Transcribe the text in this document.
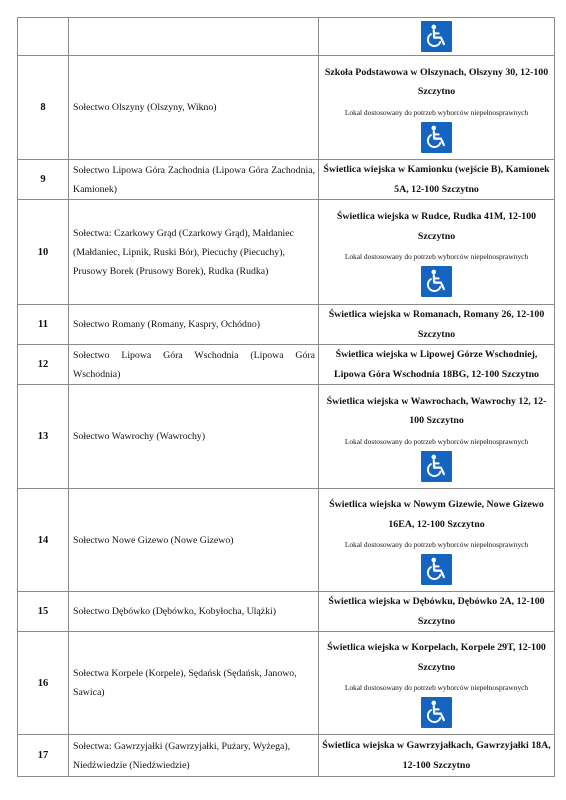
8	Sołectwo Olszyny (Olszyny, Wikno)	Szkoła Podstawowa w Olszynach, Olszyny 30, 12-100 Szczytno
Lokal dostosowany do potrzeb wyborców niepełnosprawnych

9	Sołectwo Lipowa Góra Zachodnia (Lipowa Góra Zachodnia, Kamionek)	Świetlica wiejska w Kamionku (wejście B), Kamionek 5A, 12-100 Szczytno

10	Sołectwa: Czarkowy Grąd (Czarkowy Grąd), Małdaniec (Małdaniec, Lipnik, Ruski Bór), Piecuchy (Piecuchy), Prusowy Borek (Prusowy Borek), Rudka (Rudka)	Świetlica wiejska w Rudce, Rudka 41M, 12-100 Szczytno
Lokal dostosowany do potrzeb wyborców niepełnosprawnych

11	Sołectwo Romany (Romany, Kaspry, Ochódno)	Świetlica wiejska w Romanach, Romany 26, 12-100 Szczytno

12	Sołectwo Lipowa Góra Wschodnia (Lipowa Góra Wschodnia)	Świetlica wiejska w Lipowej Górze Wschodniej, Lipowa Góra Wschodnia 18BG, 12-100 Szczytno

13	Sołectwo Wawrochy (Wawrochy)	Świetlica wiejska w Wawrochach, Wawrochy 12, 12-100 Szczytno
Lokal dostosowany do potrzeb wyborców niepełnosprawnych

14	Sołectwo Nowe Gizewo (Nowe Gizewo)	Świetlica wiejska w Nowym Gizewie, Nowe Gizewo 16EA, 12-100 Szczytno
Lokal dostosowany do potrzeb wyborców niepełnosprawnych

15	Sołectwo Dębówko (Dębówko, Kobyłocha, Ulążki)	Świetlica wiejska w Dębówku, Dębówko 2A, 12-100 Szczytno

16	Sołectwa Korpele (Korpele), Sędańsk (Sędańsk, Janowo, Sawica)	Świetlica wiejska w Korpelach, Korpele 29T, 12-100 Szczytno
Lokal dostosowany do potrzeb wyborców niepełnosprawnych

17	Sołectwa: Gawrzyjałki (Gawrzyjałki, Pużary, Wyżega), Niedźwiedzie (Niedźwiedzie)	Świetlica wiejska w Gawrzyjałkach, Gawrzyjałki 18A, 12-100 Szczytno
